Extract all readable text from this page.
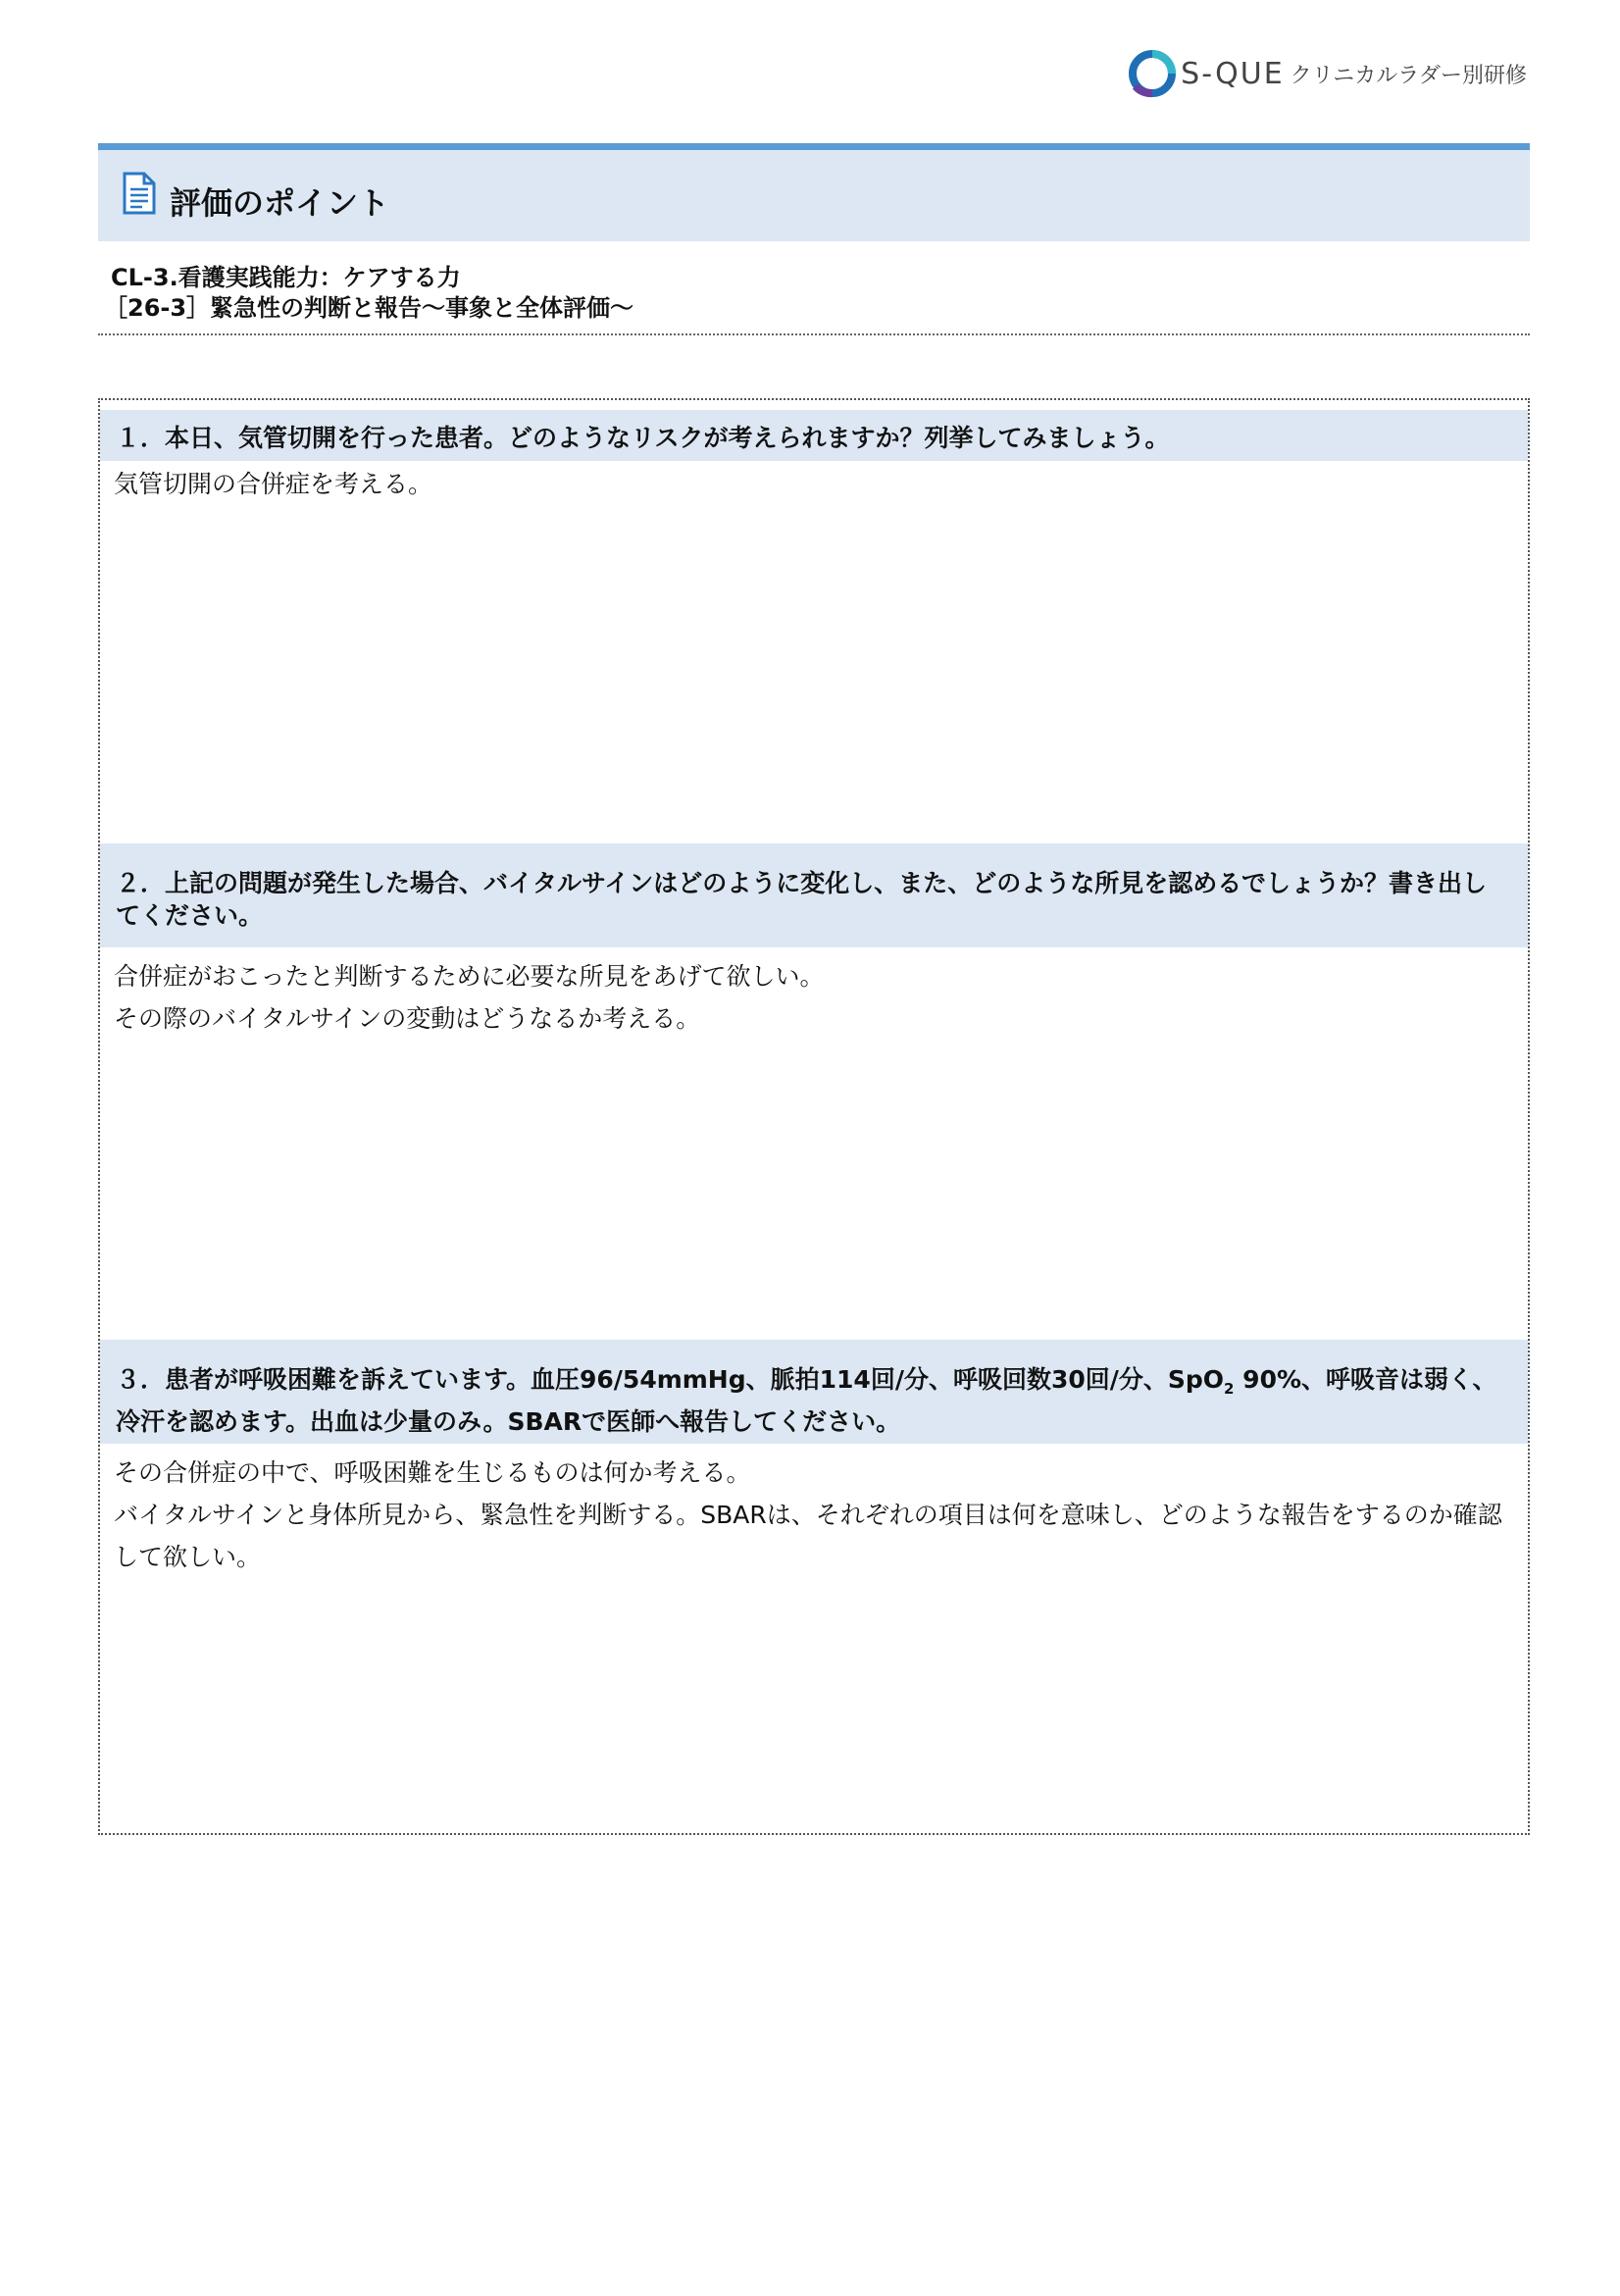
S-QUE クリニカルラダー別研修
評価のポイント
CL-3.看護実践能力：ケアする力
［26-3］緊急性の判断と報告～事象と全体評価～
１．本日、気管切開を行った患者。どのようなリスクが考えられますか？列挙してみましょう。

気管切開の合併症を考える。

２．上記の問題が発生した場合、バイタルサインはどのように変化し、また、どのような所見を認めるでしょうか？書き出してください。

合併症がおこったと判断するために必要な所見をあげて欲しい。

その際のバイタルサインの変動はどうなるか考える。

３．患者が呼吸困難を訴えています。血圧96/54mmHg、脈拍114回/分、呼吸回数30回/分、SpO$_2$ 90%、呼吸音は弱く、冷汗を認めます。出血は少量のみ。SBARで医師へ報告してください。

その合併症の中で、呼吸困難を生じるものは何か考える。

バイタルサインと身体所見から、緊急性を判断する。SBARは、それぞれの項目は何を意味し、どのような報告をするのか確認して欲しい。
